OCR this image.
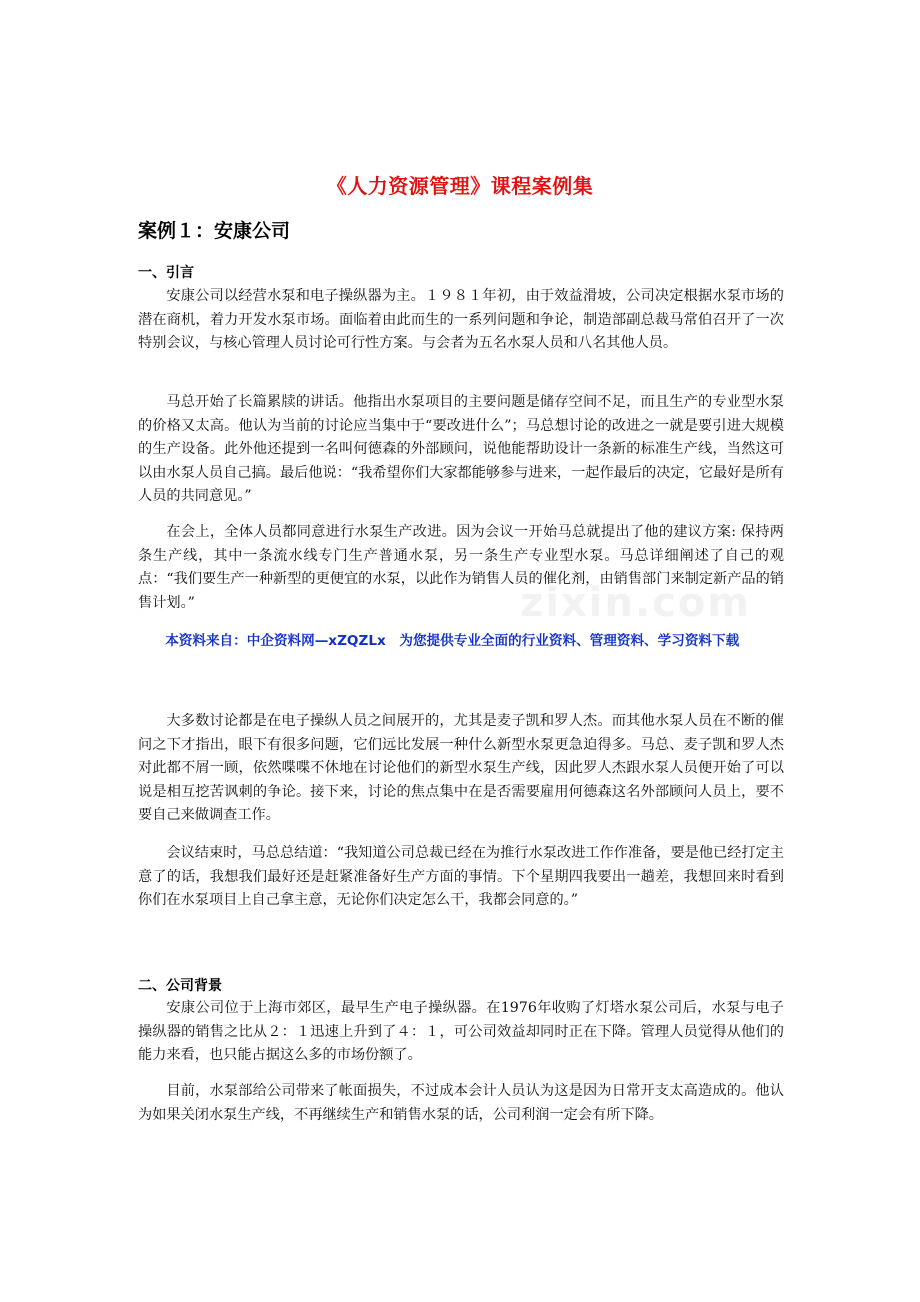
zixin.com
《人力资源管理》课程案例集
案例１：安康公司
一、引言

安康公司以经营水泵和电子操纵器为主。１９８１年初，由于效益滑坡，公司决定根据水泵市场的潜在商机，着力开发水泵市场。面临着由此而生的一系列问题和争论，制造部副总裁马常伯召开了一次特别会议，与核心管理人员讨论可行性方案。与会者为五名水泵人员和八名其他人员。

马总开始了长篇累牍的讲话。他指出水泵项目的主要问题是储存空间不足，而且生产的专业型水泵的价格又太高。他认为当前的讨论应当集中于“要改进什么”；马总想讨论的改进之一就是要引进大规模的生产设备。此外他还提到一名叫何德森的外部顾问，说他能帮助设计一条新的标准生产线，当然这可以由水泵人员自己搞。最后他说：“我希望你们大家都能够参与进来，一起作最后的决定，它最好是所有人员的共同意见。”

在会上，全体人员都同意进行水泵生产改进。因为会议一开始马总就提出了他的建议方案: 保持两条生产线，其中一条流水线专门生产普通水泵，另一条生产专业型水泵。马总详细阐述了自己的观点：“我们要生产一种新型的更便宜的水泵，以此作为销售人员的催化剂，由销售部门来制定新产品的销售计划。”

本资料来自：中企资料网—xZQZLx　为您提供专业全面的行业资料、管理资料、学习资料下载

大多数讨论都是在电子操纵人员之间展开的，尤其是麦子凯和罗人杰。而其他水泵人员在不断的催问之下才指出，眼下有很多问题，它们远比发展一种什么新型水泵更急迫得多。马总、麦子凯和罗人杰对此都不屑一顾，依然喋喋不休地在讨论他们的新型水泵生产线，因此罗人杰跟水泵人员便开始了可以说是相互挖苦讽刺的争论。接下来，讨论的焦点集中在是否需要雇用何德森这名外部顾问人员上，要不要自己来做调查工作。

会议结束时，马总总结道：“我知道公司总裁已经在为推行水泵改进工作作准备，要是他已经打定主意了的话，我想我们最好还是赶紧准备好生产方面的事情。下个星期四我要出一趟差，我想回来时看到你们在水泵项目上自己拿主意，无论你们决定怎么干，我都会同意的。”

二、公司背景

安康公司位于上海市郊区，最早生产电子操纵器。在1976年收购了灯塔水泵公司后，水泵与电子操纵器的销售之比从２：１迅速上升到了４：１，可公司效益却同时正在下降。管理人员觉得从他们的能力来看，也只能占据这么多的市场份额了。

目前，水泵部给公司带来了帐面损失，不过成本会计人员认为这是因为日常开支太高造成的。他认为如果关闭水泵生产线，不再继续生产和销售水泵的话，公司利润一定会有所下降。
